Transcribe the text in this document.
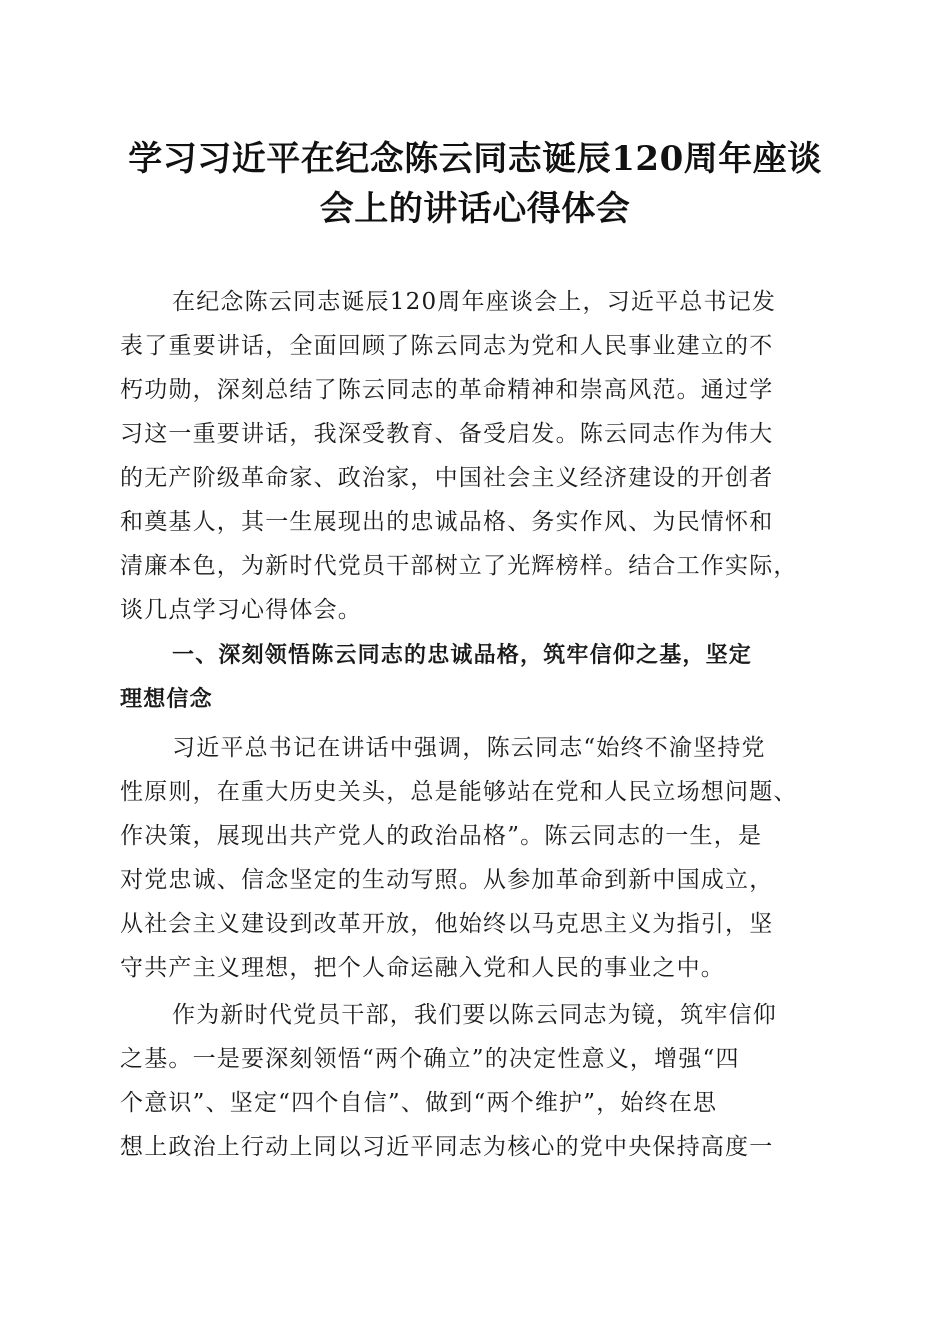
学习习近平在纪念陈云同志诞辰120周年座谈
会上的讲话心得体会
在纪念陈云同志诞辰120周年座谈会上，习近平总书记发
表了重要讲话，全面回顾了陈云同志为党和人民事业建立的不
朽功勋，深刻总结了陈云同志的革命精神和崇高风范。通过学
习这一重要讲话，我深受教育、备受启发。陈云同志作为伟大
的无产阶级革命家、政治家，中国社会主义经济建设的开创者
和奠基人，其一生展现出的忠诚品格、务实作风、为民情怀和
清廉本色，为新时代党员干部树立了光辉榜样。结合工作实际，
谈几点学习心得体会。
一、深刻领悟陈云同志的忠诚品格，筑牢信仰之基，坚定
理想信念
习近平总书记在讲话中强调，陈云同志“始终不渝坚持党
性原则，在重大历史关头，总是能够站在党和人民立场想问题、
作决策，展现出共产党人的政治品格”。陈云同志的一生，是
对党忠诚、信念坚定的生动写照。从参加革命到新中国成立，
从社会主义建设到改革开放，他始终以马克思主义为指引，坚
守共产主义理想，把个人命运融入党和人民的事业之中。
作为新时代党员干部，我们要以陈云同志为镜，筑牢信仰
之基。一是要深刻领悟“两个确立”的决定性意义，增强“四
个意识”、坚定“四个自信”、做到“两个维护”，始终在思
想上政治上行动上同以习近平同志为核心的党中央保持高度一
